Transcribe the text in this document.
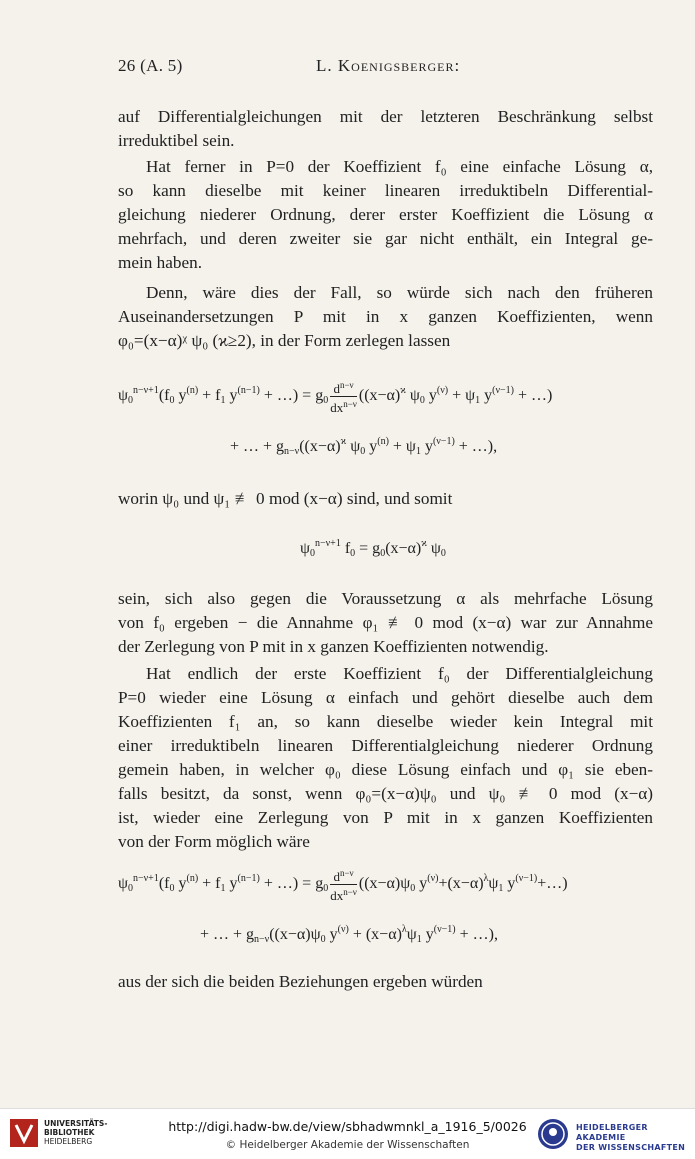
26 (A. 5)	L. Koenigsberger:
auf Differentialgleichungen mit der letzteren Beschränkung selbst
irreduktibel sein.
Hat ferner in P=0 der Koeffizient f₀ eine einfache Lösung α,
so kann dieselbe mit keiner linearen irreduktibeln Differential-
gleichung niederer Ordnung, derer erster Koeffizient die Lösung α
mehrfach, und deren zweiter sie gar nicht enthält, ein Integral ge-
mein haben.
Denn, wäre dies der Fall, so würde sich nach den früheren
Auseinandersetzungen P mit in x ganzen Koeffizienten, wenn
φ₀=(x−α)ᵡ ψ₀ (ϰ≥2), in der Form zerlegen lassen
$\psi_0^{n-\nu+1}(f_0$ $y^{(n)} + f_1$ $y^{(n-1)}$ + …) = $g_0 \frac{d^{n-\nu}}{dx^{n-\nu}} ((x-\alpha)^ϰ$ $\psi_0$ $y^{(\nu)} + \psi_1$ $y^{(\nu-1)}$ + …)
+ … + $g_{n-\nu}((x-\alpha)^ϰ$ $\psi_0$ $y^{(n)} + \psi_1$ $y^{(\nu-1)}$ + …),
worin ψ₀ und ψ₁ ≢ 0 mod (x−α) sind, und somit
$\psi_0^{n-\nu+1}$ $f_0 = g_0(x-\alpha)^ϰ$ $\psi_0$
sein, sich also gegen die Voraussetzung α als mehrfache Lösung
von f₀ ergeben − die Annahme φ₁ ≢ 0 mod (x−α) war zur Annahme
der Zerlegung von P mit in x ganzen Koeffizienten notwendig.
Hat endlich der erste Koeffizient f₀ der Differentialgleichung
P=0 wieder eine Lösung α einfach und gehört dieselbe auch dem
Koeffizienten f₁ an, so kann dieselbe wieder kein Integral mit
einer irreduktibeln linearen Differentialgleichung niederer Ordnung
gemein haben, in welcher φ₀ diese Lösung einfach und φ₁ sie eben-
falls besitzt, da sonst, wenn φ₀=(x−α)ψ₀ und ψ₀ ≢ 0 mod (x−α)
ist, wieder eine Zerlegung von P mit in x ganzen Koeffizienten
von der Form möglich wäre
$\psi_0^{n-\nu+1}(f_0$ $y^{(n)} + f_1$ $y^{(n-1)}$ + …) = $g_0 \frac{d^{n-\nu}}{dx^{n-\nu}} ((x-\alpha)\psi_0$ $y^{(\nu)}+(x-\alpha)^\lambda\psi_1$ $y^{(\nu-1)}+\dots$)
+ … + $g_{n-\nu}((x-\alpha)\psi_0$ $y^{(\nu)} + (x-\alpha)^\lambda\psi_1$ $y^{(\nu-1)}$ + …),
aus der sich die beiden Beziehungen ergeben würden
UNIVERSITÄTS-
BIBLIOTHEK
HEIDELBERG
http://digi.hadw-bw.de/view/sbhadwmnkl_a_1916_5/0026
© Heidelberger Akademie der Wissenschaften
HEIDELBERGER AKADEMIE
DER WISSENSCHAFTEN
